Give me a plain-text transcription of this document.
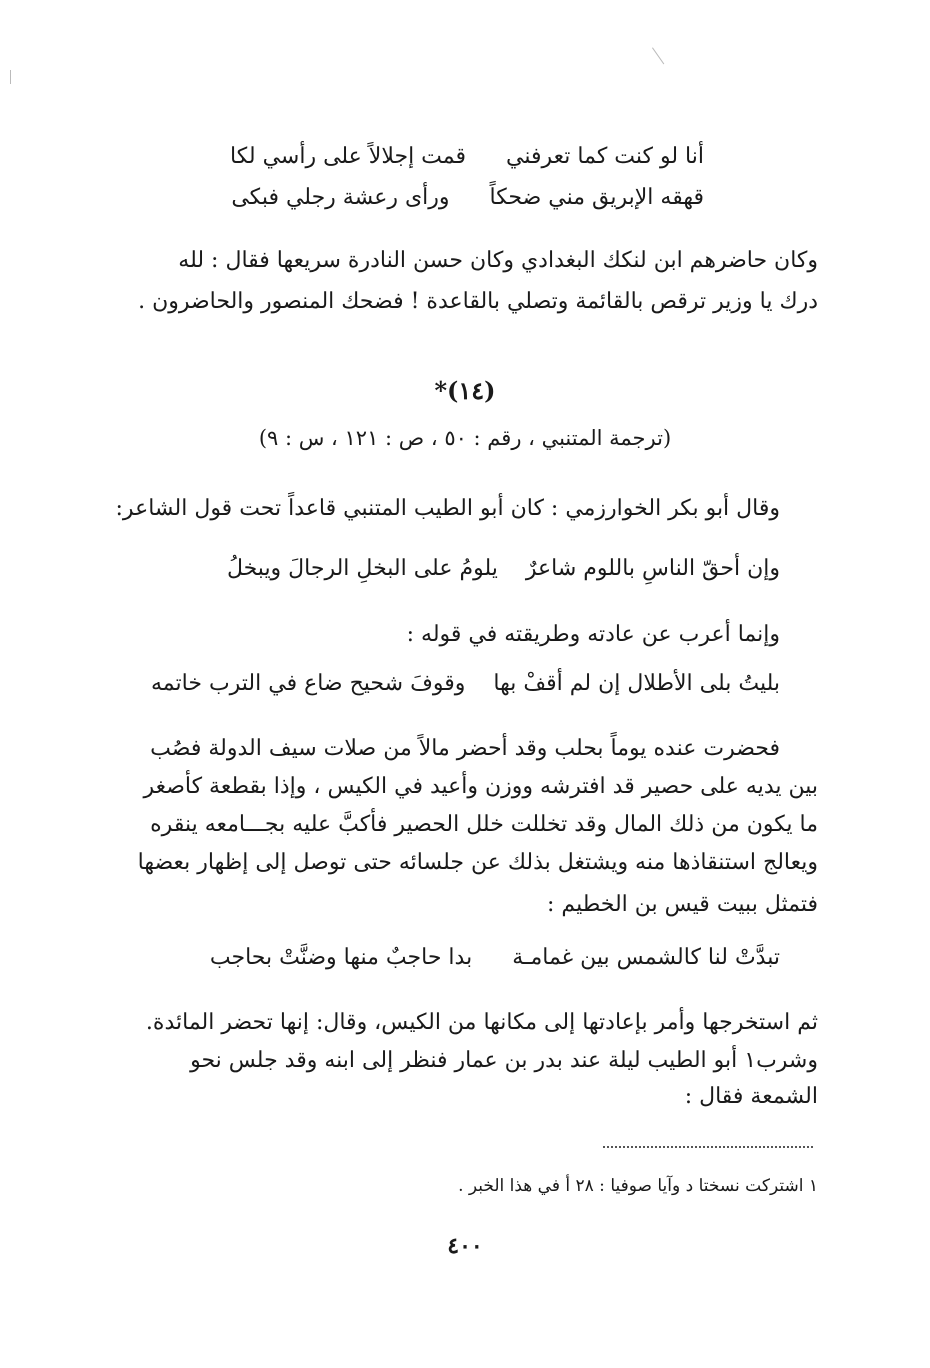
أنا لو كنت كما تعرفني
قمت إجلالاً على رأسي لكا
قهقه الإبريق مني ضحكاً
ورأى رعشة رجلي فبكى
وكان حاضرهم ابن لنكك البغدادي وكان حسن النادرة سريعها فقال : لله
درك يا وزير ترقص بالقائمة وتصلي بالقاعدة ! فضحك المنصور والحاضرون .
(١٤)*
(ترجمة المتنبي ، رقم : ٥٠ ، ص : ١٢١ ، س : ٩)
وقال أبو بكر الخوارزمي : كان أبو الطيب المتنبي قاعداً تحت قول الشاعر:
وإن أحقّ الناسِ باللوم شاعرٌ
يلومُ على البخلِ الرجالَ ويبخلُ
وإنما أعرب عن عادته وطريقته في قوله :
بليتُ بلى الأطلال إن لم أقفْ بها
وقوفَ شحيح ضاع في الترب خاتمه
فحضرت عنده يوماً بحلب وقد أحضر مالاً من صلات سيف الدولة فصُب
بين يديه على حصير قد افترشه ووزن وأعيد في الكيس ، وإذا بقطعة كأصغر
ما يكون من ذلك المال وقد تخللت خلل الحصير فأكبَّ عليه بجـــامعه ينقره
ويعالج استنقاذها منه ويشتغل بذلك عن جلسائه حتى توصل إلى إظهار بعضها
فتمثل ببيت قيس بن الخطيم :
تبدَّتْ لنا كالشمس بين غمامـة
بدا حاجبٌ منها وضنَّتْ بحاجب
ثم استخرجها وأمر بإعادتها إلى مكانها من الكيس، وقال: إنها تحضر المائدة.
وشرب١ أبو الطيب ليلة عند بدر بن عمار فنظر إلى ابنه وقد جلس نحو
الشمعة فقال :
١ اشتركت نسختا د وآيا صوفيا : ٢٨ أ في هذا الخبر .
٤٠٠
